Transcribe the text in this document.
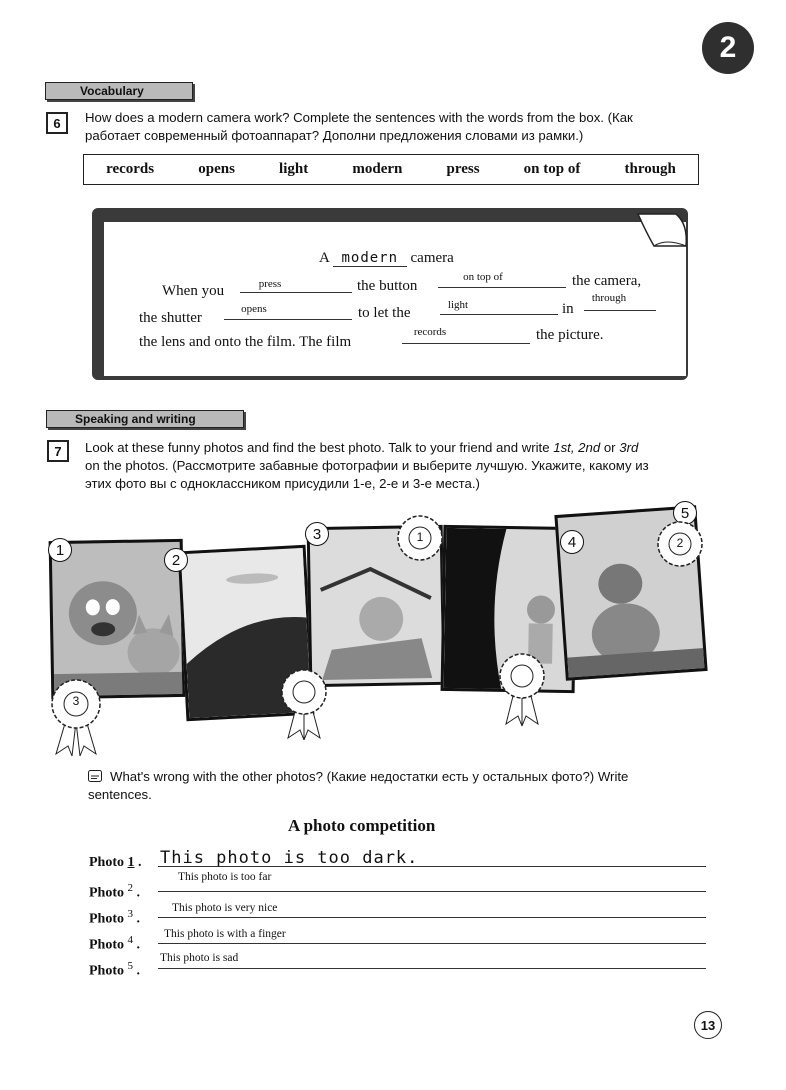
2
Vocabulary
6	How does a modern camera work? Complete the sentences with the words from the box. (Как
работает современный фотоаппарат? Дополни предложения словами из рамки.)
records	opens	light	modern	press	on top of	through
A modern camera
When you	press	the button
on top of	the camera,
the shutter
opens	to let the	light	in
through
the lens and onto the film. The film
records	the picture.
Speaking and writing
7	Look at these funny photos and find the best photo. Talk to your friend and write 1st, 2nd or 3rd
on the photos. (Рассмотрите забавные фотографии и выберите лучшую. Укажите, какому из
этих фото вы с одноклассником присудили 1-е, 2-е и 3-е места.)
1
2
3	4
5
3
1	2
What's wrong with the other photos? (Какие недостатки есть у остальных фото?) Write
sentences.
A photo competition
Photo 1 . This photo is too dark.
Photo $^2$ .
This photo is too far
Photo $^3$ .
This photo is very nice
Photo $^4$ .
This photo is with a finger
Photo $^5$ .
This photo is sad
13
